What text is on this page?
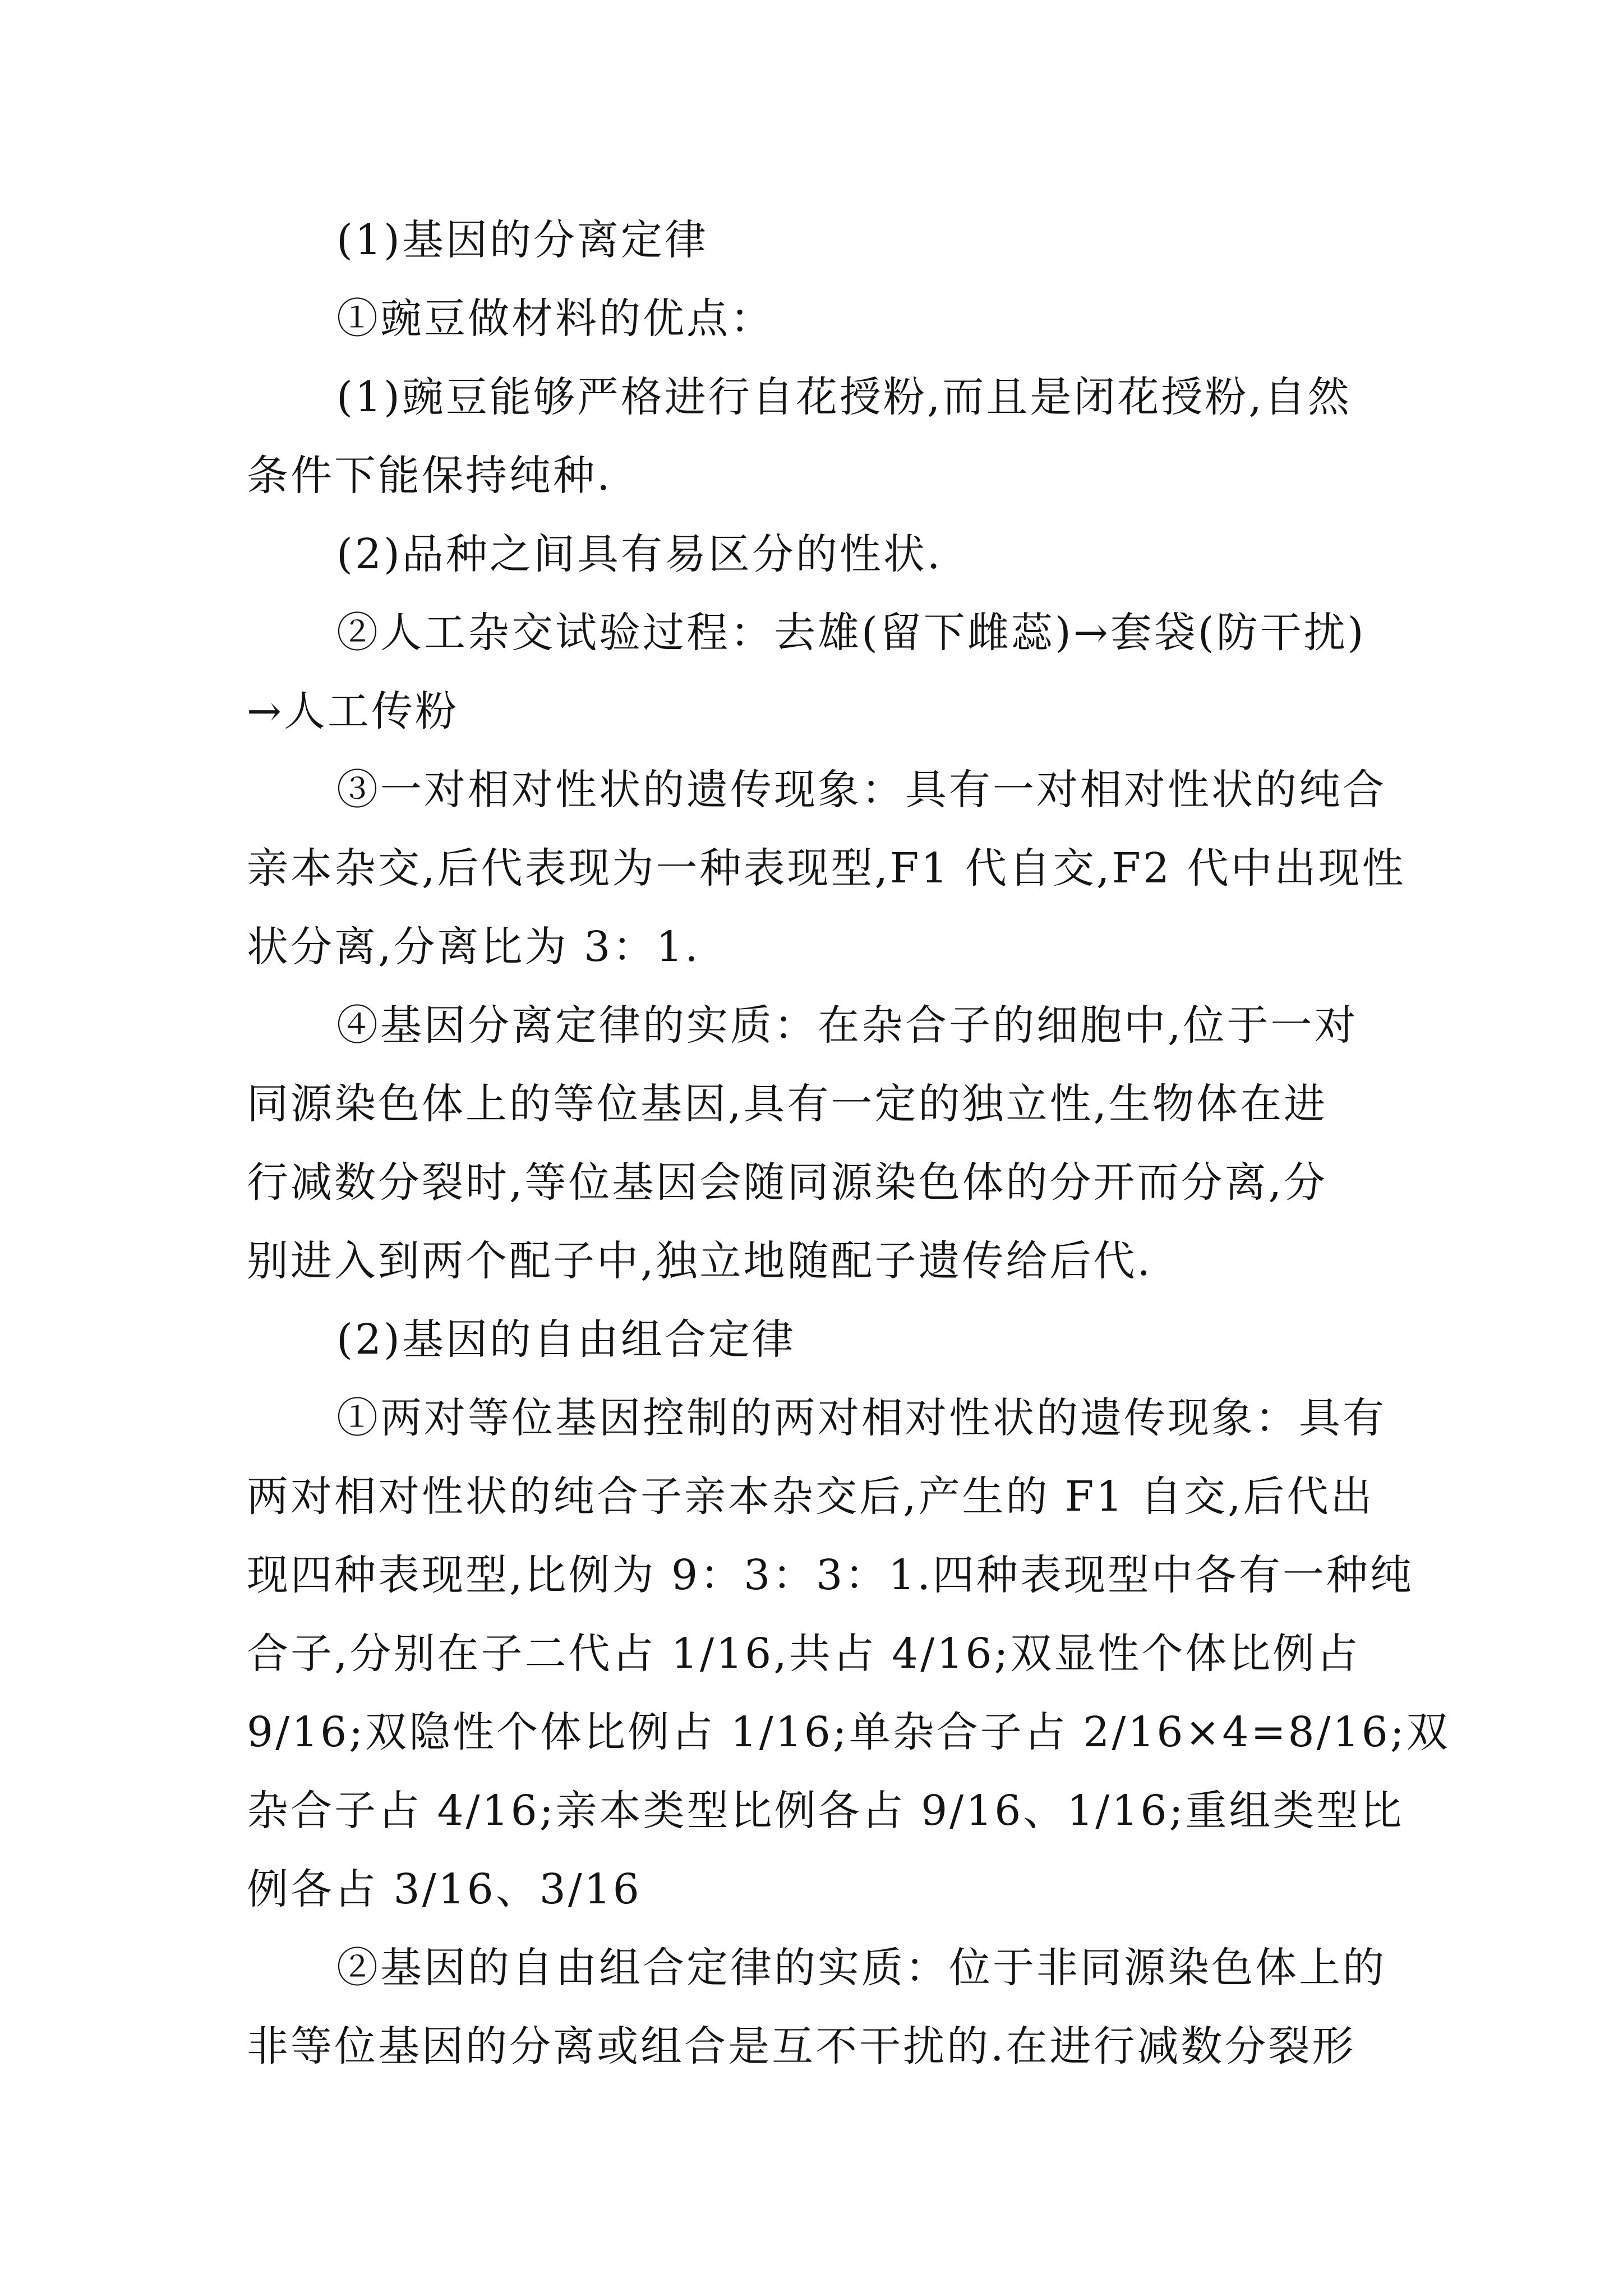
(1)基因的分离定律
①豌豆做材料的优点：
(1)豌豆能够严格进行自花授粉,而且是闭花授粉,自然
条件下能保持纯种.
(2)品种之间具有易区分的性状.
②人工杂交试验过程：去雄(留下雌蕊)→套袋(防干扰)
→人工传粉
③一对相对性状的遗传现象：具有一对相对性状的纯合
亲本杂交,后代表现为一种表现型,F1 代自交,F2 代中出现性
状分离,分离比为 3：1.
④基因分离定律的实质：在杂合子的细胞中,位于一对
同源染色体上的等位基因,具有一定的独立性,生物体在进
行减数分裂时,等位基因会随同源染色体的分开而分离,分
别进入到两个配子中,独立地随配子遗传给后代.
(2)基因的自由组合定律
①两对等位基因控制的两对相对性状的遗传现象：具有
两对相对性状的纯合子亲本杂交后,产生的 F1 自交,后代出
现四种表现型,比例为 9：3：3：1.四种表现型中各有一种纯
合子,分别在子二代占 1/16,共占 4/16;双显性个体比例占
9/16;双隐性个体比例占 1/16;单杂合子占 2/16×4=8/16;双
杂合子占 4/16;亲本类型比例各占 9/16、1/16;重组类型比
例各占 3/16、3/16
②基因的自由组合定律的实质：位于非同源染色体上的
非等位基因的分离或组合是互不干扰的.在进行减数分裂形
